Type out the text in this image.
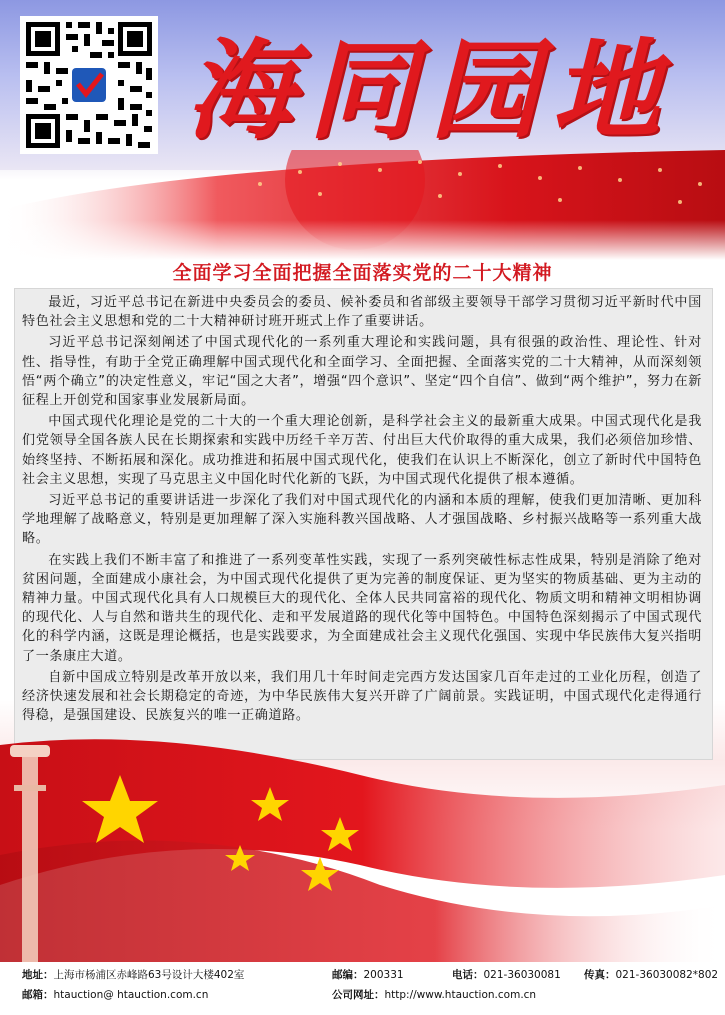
海同园地
全面学习全面把握全面落实党的二十大精神

最近，习近平总书记在新进中央委员会的委员、候补委员和省部级主要领导干部学习贯彻习近平新时代中国特色社会主义思想和党的二十大精神研讨班开班式上作了重要讲话。

习近平总书记深刻阐述了中国式现代化的一系列重大理论和实践问题，具有很强的政治性、理论性、针对性、指导性，有助于全党正确理解中国式现代化和全面学习、全面把握、全面落实党的二十大精神，从而深刻领悟“两个确立”的决定性意义，牢记“国之大者”，增强“四个意识”、坚定“四个自信”、做到“两个维护”，努力在新征程上开创党和国家事业发展新局面。

中国式现代化理论是党的二十大的一个重大理论创新，是科学社会主义的最新重大成果。中国式现代化是我们党领导全国各族人民在长期探索和实践中历经千辛万苦、付出巨大代价取得的重大成果，我们必须倍加珍惜、始终坚持、不断拓展和深化。成功推进和拓展中国式现代化，使我们在认识上不断深化，创立了新时代中国特色社会主义思想，实现了马克思主义中国化时代化新的飞跃，为中国式现代化提供了根本遵循。

习近平总书记的重要讲话进一步深化了我们对中国式现代化的内涵和本质的理解，使我们更加清晰、更加科学地理解了战略意义，特别是更加理解了深入实施科教兴国战略、人才强国战略、乡村振兴战略等一系列重大战略。

在实践上我们不断丰富了和推进了一系列变革性实践，实现了一系列突破性标志性成果，特别是消除了绝对贫困问题，全面建成小康社会，为中国式现代化提供了更为完善的制度保证、更为坚实的物质基础、更为主动的精神力量。中国式现代化具有人口规模巨大的现代化、全体人民共同富裕的现代化、物质文明和精神文明相协调的现代化、人与自然和谐共生的现代化、走和平发展道路的现代化等中国特色。中国特色深刻揭示了中国式现代化的科学内涵，这既是理论概括，也是实践要求，为全面建成社会主义现代化强国、实现中华民族伟大复兴指明了一条康庄大道。

自新中国成立特别是改革开放以来，我们用几十年时间走完西方发达国家几百年走过的工业化历程，创造了经济快速发展和社会长期稳定的奇迹，为中华民族伟大复兴开辟了广阔前景。实践证明，中国式现代化走得通行得稳，是强国建设、民族复兴的唯一正确道路。

地址：上海市杨浦区赤峰路63号设计大楼402室	邮编：200331	电话：021-36030081 传真：021-36030082*802
邮箱：htauction@ htauction.com.cn	公司网址：http://www.htauction.com.cn
